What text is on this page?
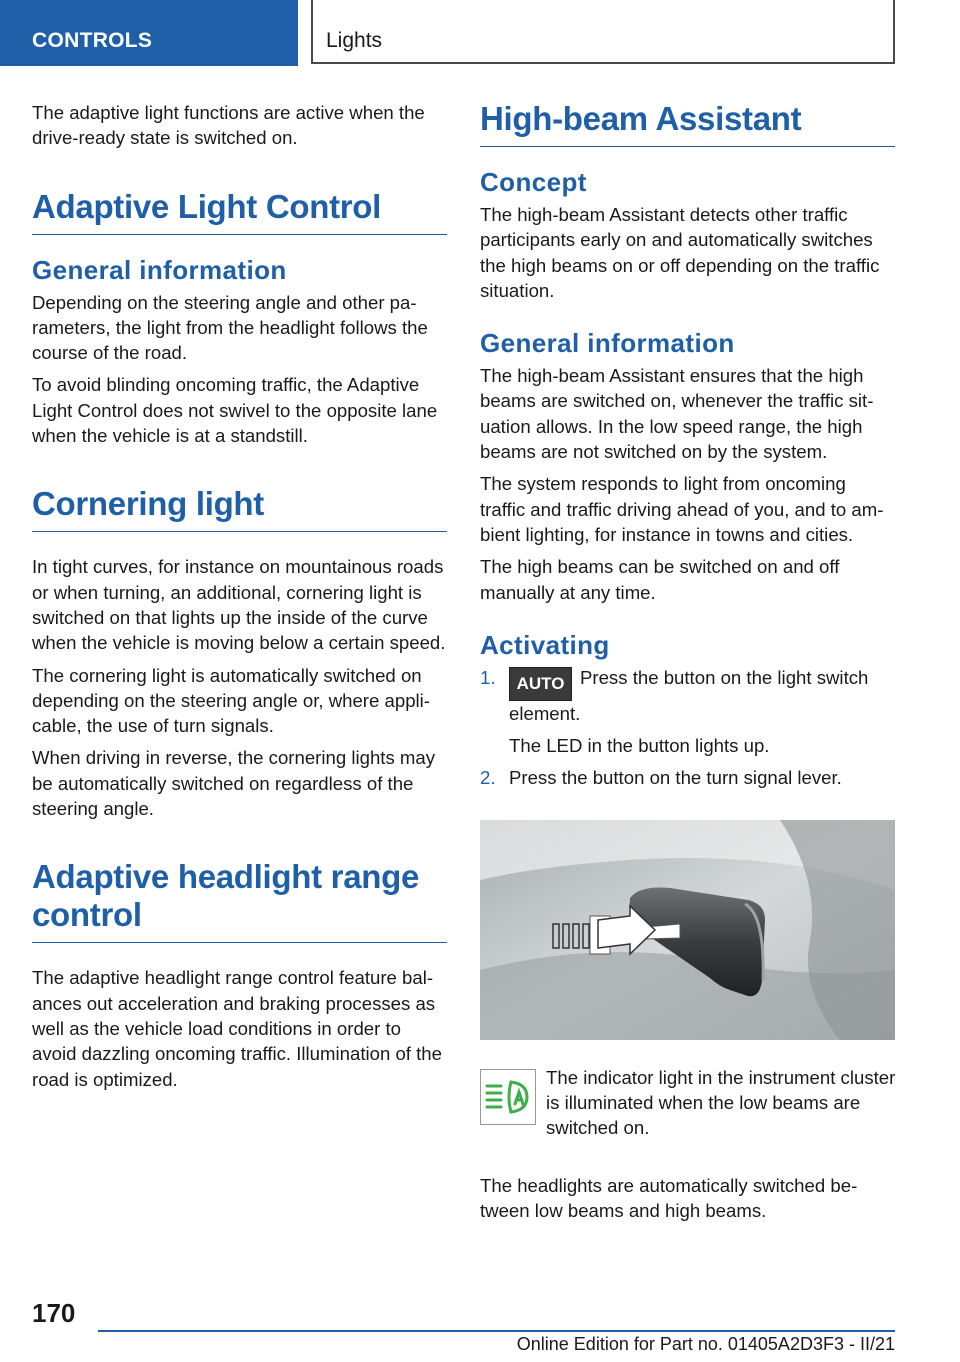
CONTROLS	Lights

The adaptive light functions are active when the drive-ready state is switched on.

Adaptive Light Control
General information

Depending on the steering angle and other parameters, the light from the headlight follows the course of the road.

To avoid blinding oncoming traffic, the Adaptive Light Control does not swivel to the opposite lane when the vehicle is at a standstill.

Cornering light

In tight curves, for instance on mountainous roads or when turning, an additional, cornering light is switched on that lights up the inside of the curve when the vehicle is moving below a certain speed.

The cornering light is automatically switched on depending on the steering angle or, where applicable, the use of turn signals.

When driving in reverse, the cornering lights may be automatically switched on regardless of the steering angle.

Adaptive headlight range control

The adaptive headlight range control feature balances out acceleration and braking processes as well as the vehicle load conditions in order to avoid dazzling oncoming traffic. Illumination of the road is optimized.

High-beam Assistant
Concept

The high-beam Assistant detects other traffic participants early on and automatically switches the high beams on or off depending on the traffic situation.

General information

The high-beam Assistant ensures that the high beams are switched on, whenever the traffic situation allows. In the low speed range, the high beams are not switched on by the system.

The system responds to light from oncoming traffic and traffic driving ahead of you, and to ambient lighting, for instance in towns and cities.

The high beams can be switched on and off manually at any time.

Activating
1. AUTO Press the button on the light switch element.
The LED in the button lights up.
2. Press the button on the turn signal lever.

The indicator light in the instrument cluster is illuminated when the low beams are switched on.

The headlights are automatically switched between low beams and high beams.

170
Online Edition for Part no. 01405A2D3F3 - II/21
